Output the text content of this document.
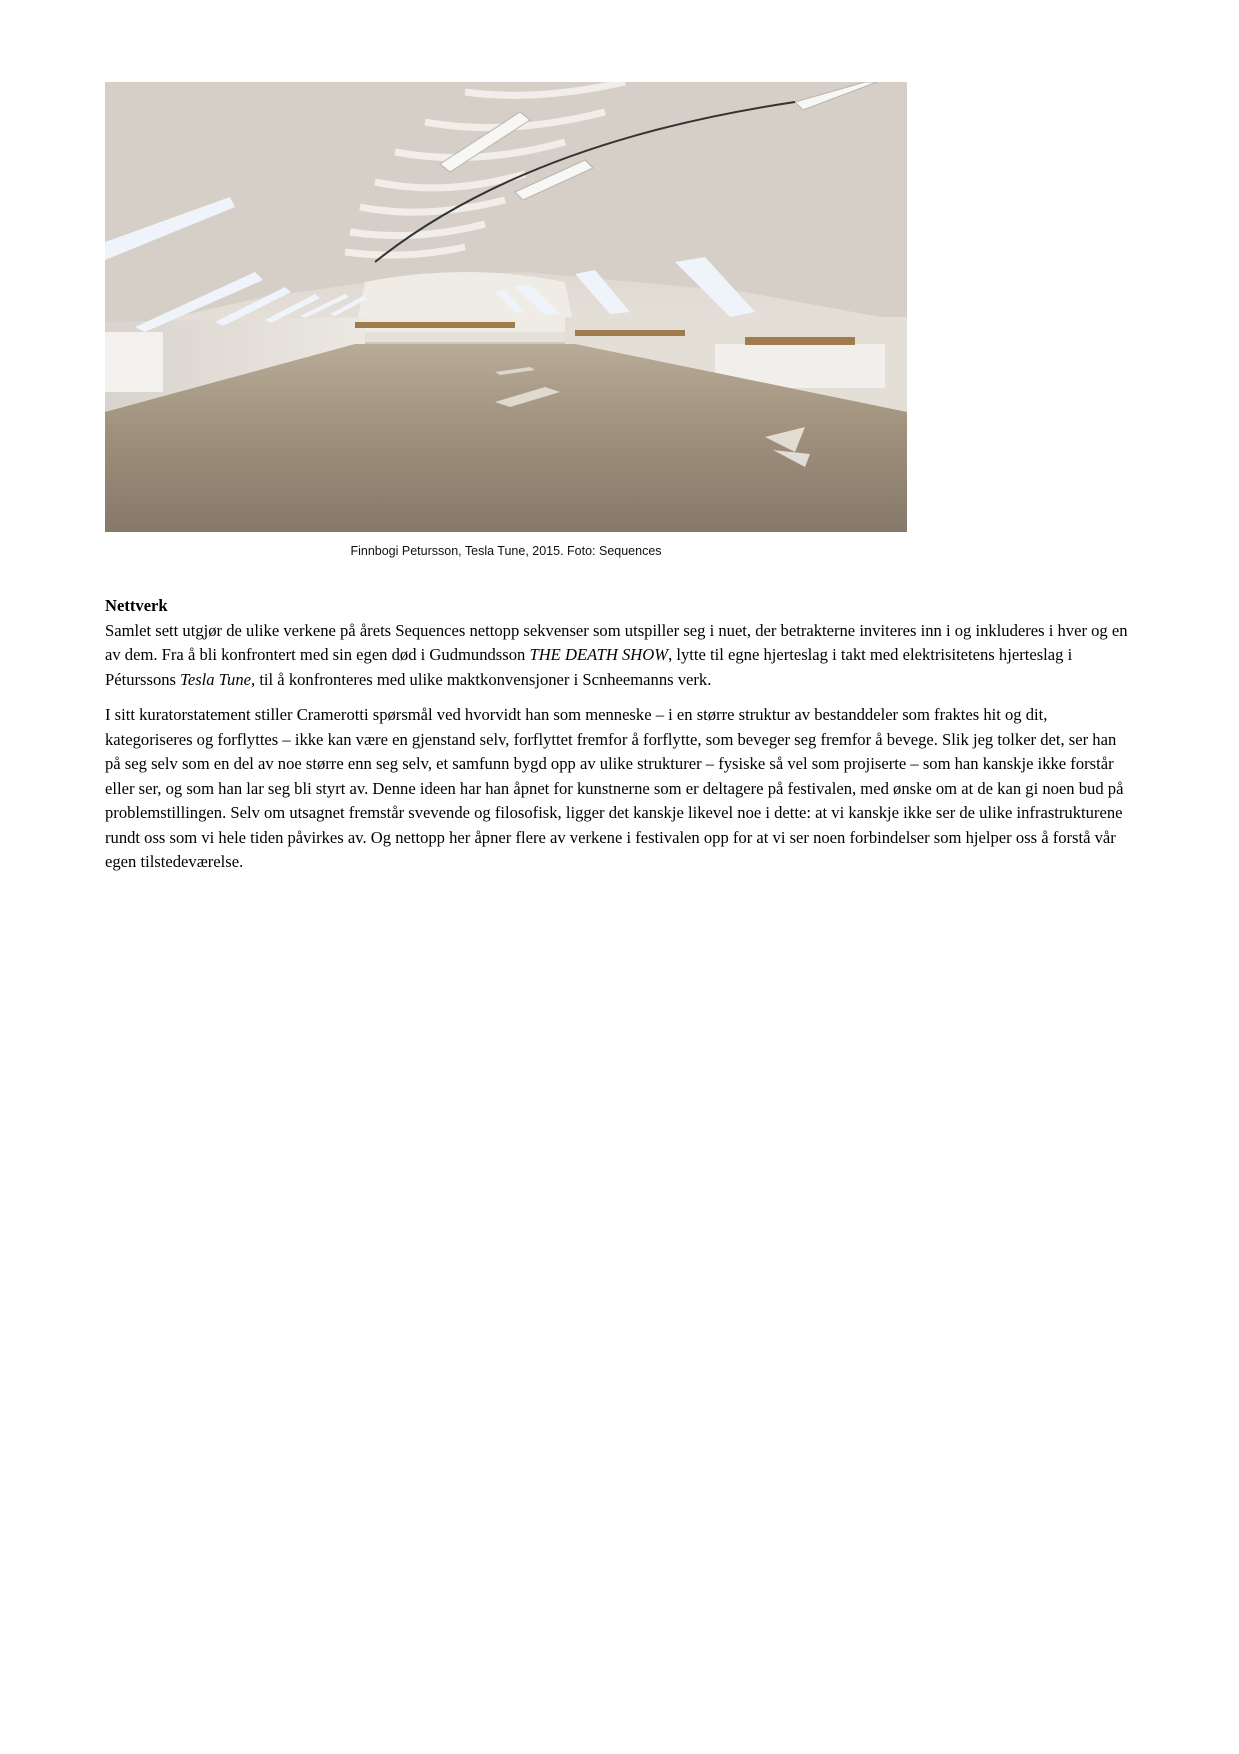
Finnbogi Petursson, Tesla Tune, 2015. Foto: Sequences

Nettverk

Samlet sett utgjør de ulike verkene på årets Sequences nettopp sekvenser som utspiller seg i nuet, der betrakterne inviteres inn i og inkluderes i hver og en av dem. Fra å bli konfrontert med sin egen død i Gudmundsson THE DEATH SHOW, lytte til egne hjerteslag i takt med elektrisitetens hjerteslag i Péturssons Tesla Tune, til å konfronteres med ulike maktkonvensjoner i Scnheemanns verk.

I sitt kuratorstatement stiller Cramerotti spørsmål ved hvorvidt han som menneske – i en større struktur av bestanddeler som fraktes hit og dit, kategoriseres og forflyttes – ikke kan være en gjenstand selv, forflyttet fremfor å forflytte, som beveger seg fremfor å bevege. Slik jeg tolker det, ser han på seg selv som en del av noe større enn seg selv, et samfunn bygd opp av ulike strukturer – fysiske så vel som projiserte – som han kanskje ikke forstår eller ser, og som han lar seg bli styrt av. Denne ideen har han åpnet for kunstnerne som er deltagere på festivalen, med ønske om at de kan gi noen bud på problemstillingen. Selv om utsagnet fremstår svevende og filosofisk, ligger det kanskje likevel noe i dette: at vi kanskje ikke ser de ulike infrastrukturene rundt oss som vi hele tiden påvirkes av. Og nettopp her åpner flere av verkene i festivalen opp for at vi ser noen forbindelser som hjelper oss å forstå vår egen tilstedeværelse.
